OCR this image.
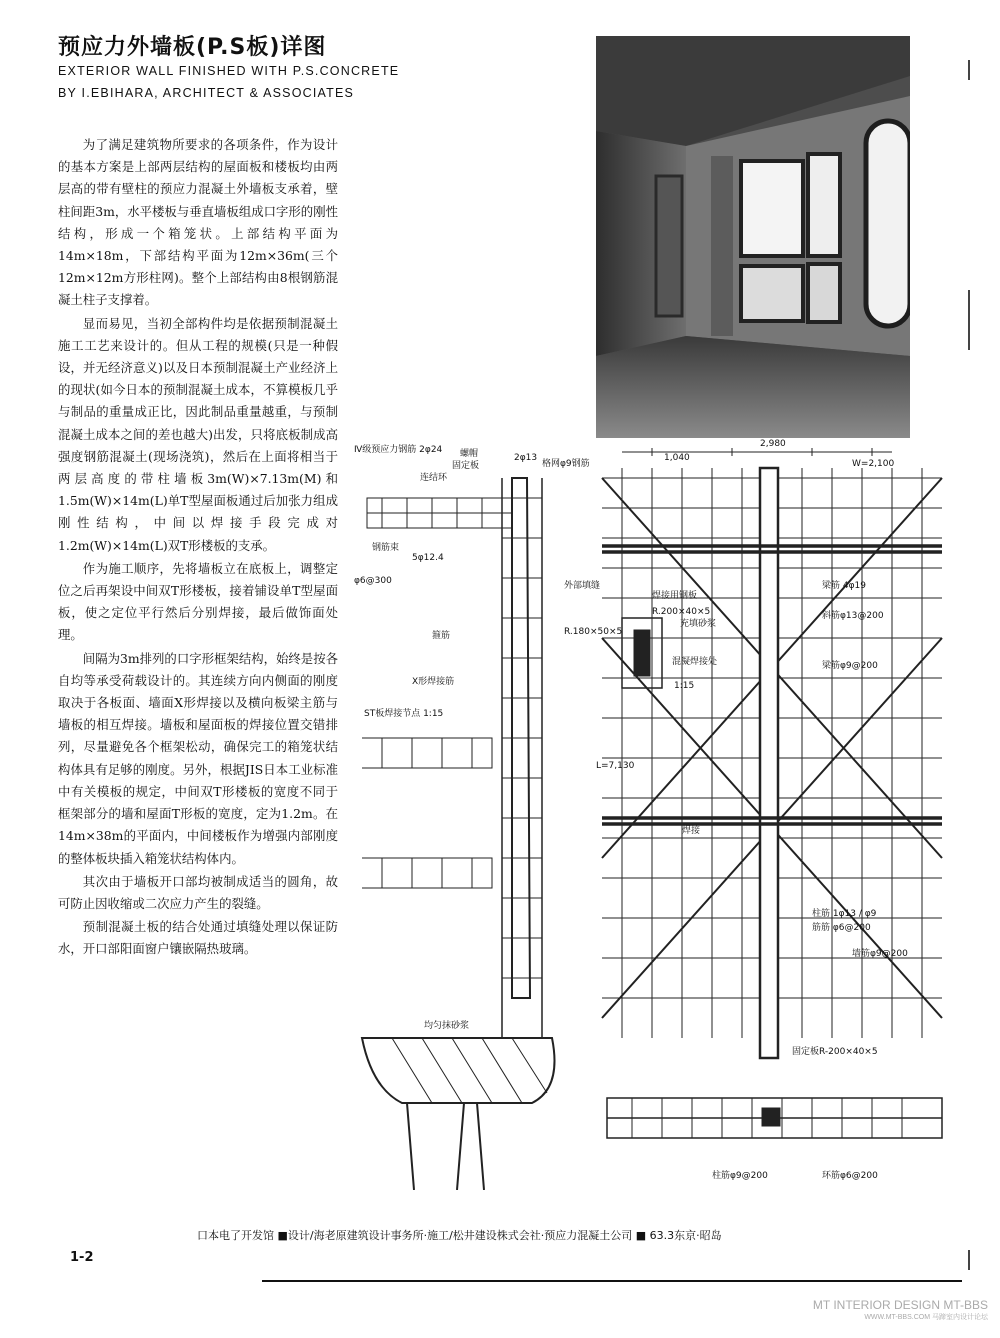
预应力外墙板(P.S板)详图
EXTERIOR WALL FINISHED WITH P.S.CONCRETE
BY I.EBIHARA, ARCHITECT & ASSOCIATES

为了满足建筑物所要求的各项条件，作为设计的基本方案是上部两层结构的屋面板和楼板均由两层高的带有壁柱的预应力混凝土外墙板支承着，壁柱间距3m，水平楼板与垂直墙板组成口字形的刚性结构，形成一个箱笼状。上部结构平面为14m×18m，下部结构平面为12m×36m(三个12m×12m方形柱网)。整个上部结构由8根钢筋混凝土柱子支撑着。

显而易见，当初全部构件均是依据预制混凝土施工工艺来设计的。但从工程的规模(只是一种假设，并无经济意义)以及日本预制混凝土产业经济上的现状(如今日本的预制混凝土成本，不算模板几乎与制品的重量成正比，因此制品重量越重，与预制混凝土成本之间的差也越大)出发，只将底板制成高强度钢筋混凝土(现场浇筑)，然后在上面将相当于两层高度的带柱墙板3m(W)×7.13m(M)和1.5m(W)×14m(L)单T型屋面板通过后加张力组成刚性结构，中间以焊接手段完成对1.2m(W)×14m(L)双T形楼板的支承。

作为施工顺序，先将墙板立在底板上，调整定位之后再架设中间双T形楼板，接着铺设单T型屋面板，使之定位平行然后分别焊接，最后做饰面处理。

间隔为3m排列的口字形框架结构，始终是按各自均等承受荷载设计的。其连续方向内侧面的刚度取决于各板面、墙面X形焊接以及横向板梁主筋与墙板的相互焊接。墙板和屋面板的焊接位置交错排列，尽量避免各个框架松动，确保完工的箱笼状结构体具有足够的刚度。另外，根据JIS日本工业标准中有关模板的规定，中间双T形楼板的宽度不同于框架部分的墙和屋面T形板的宽度，定为1.2m。在14m×38m的平面内，中间楼板作为增强内部刚度的整体板块插入箱笼状结构体内。

其次由于墙板开口部均被制成适当的圆角，故可防止因收缩或二次应力产生的裂缝。

预制混凝土板的结合处通过填缝处理以保证防水，开口部阳面窗户镶嵌隔热玻璃。

Ⅳ级预应力钢筋 2φ24 螺帽
固定板
2φ13
格网φ9钢筋
连结环
钢筋束
5φ12.4
φ6@300
箍筋
外部填缝
焊接用钢板
R.180×50×5
R.200×40×5
充填砂浆
混凝焊接处
1:15
ST板焊接节点 1:15
X形焊接筋
梁筋 4φ19
斜筋φ13@200
梁筋φ9@200
焊接
柱筋 1φ13 / φ9
筋筋 φ6@200
墙筋φ9@200
均匀抹砂浆
固定板R-200×40×5
柱筋φ9@200	环筋φ6@200
W=2,100
L=7,130
2,980
1,040
口本电了开发馆 ■设计/海老原建筑设计事务所·施工/松井建设株式会社·预应力混凝土公司 ■ 63.3东京·昭岛
1-2
MT INTERIOR DESIGN MT-BBS
WWW.MT-BBS.COM 马蹄室内设计论坛
